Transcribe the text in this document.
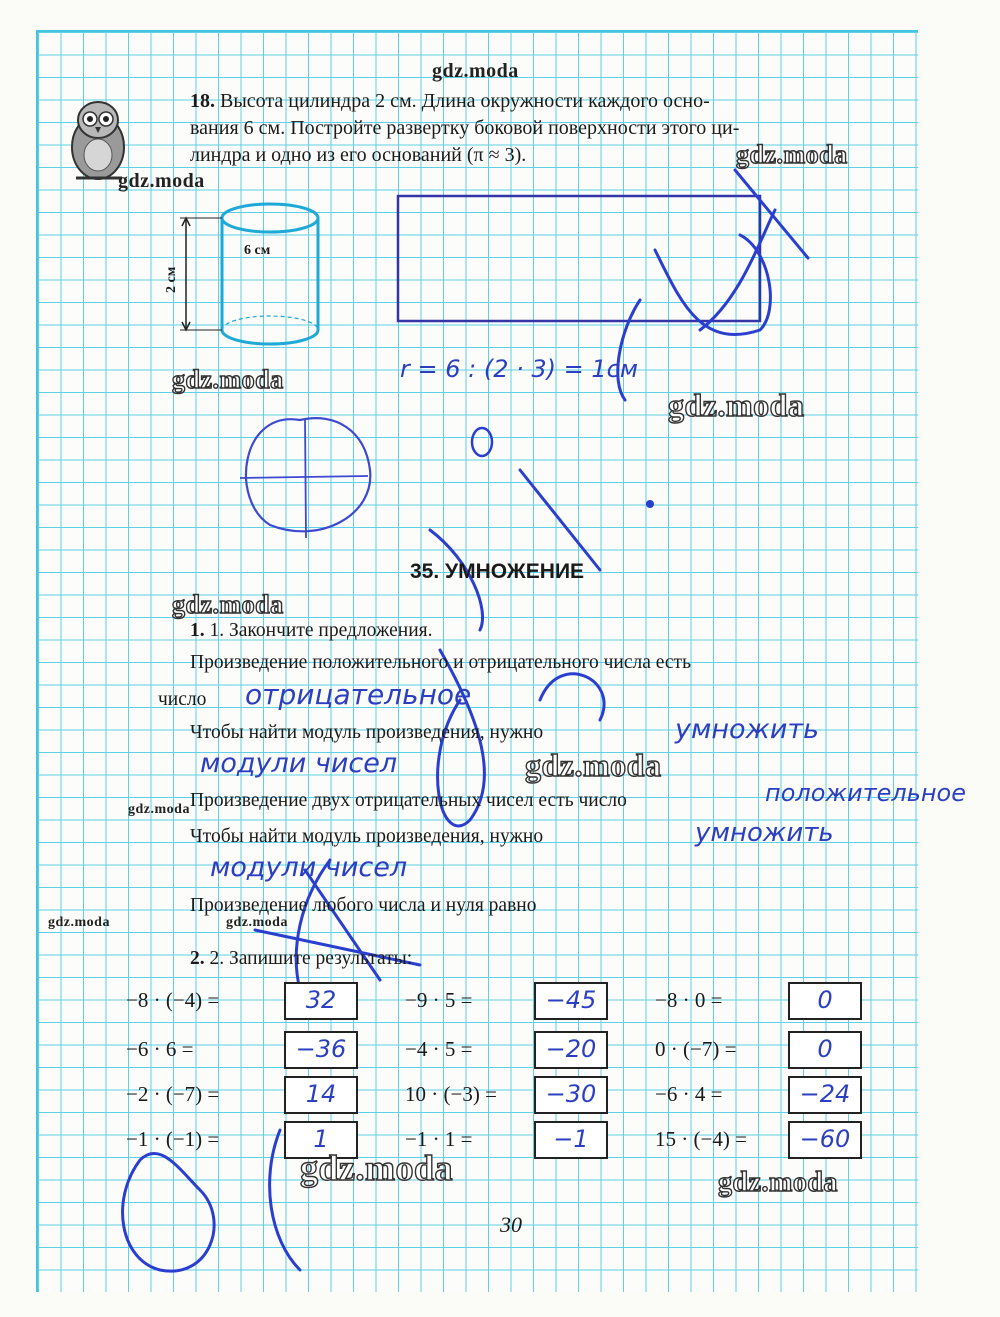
18. Высота цилиндра 2 см. Длина окружности каждого осно-
вания 6 см. Постройте развертку боковой поверхности этого ци-
линдра и одно из его оснований (π ≈ 3).
6 см
2 см
r = 6 : (2 · 3) = 1см
35. УМНОЖЕНИЕ
1. 1. Закончите предложения.
Произведение положительного и отрицательного числа есть
число отрицательное
Чтобы найти модуль произведения, нужно	умножить
модули чисел
Произведение двух отрицательных чисел есть число	положительное
Чтобы найти модуль произведения, нужно	умножить
модули чисел
Произведение любого числа и нуля равно
2. 2. Запишите результаты:
−8 · (−4) =	32
−6 · 6 =	−36
−2 · (−7) =	14
−1 · (−1) =	1
−9 · 5 =	−45
−4 · 5 =	−20
10 · (−3) =	−30
−1 · 1 =	−1
−8 · 0 =	0
0 · (−7) =	0
−6 · 4 =	−24
15 · (−4) =	−60
30
gdz.moda
gdz.moda
gdz.moda
gdz.moda
gdz.moda
gdz.moda
gdz.moda
gdz.moda
gdz.moda	gdz.moda
gdz.moda	gdz.moda
